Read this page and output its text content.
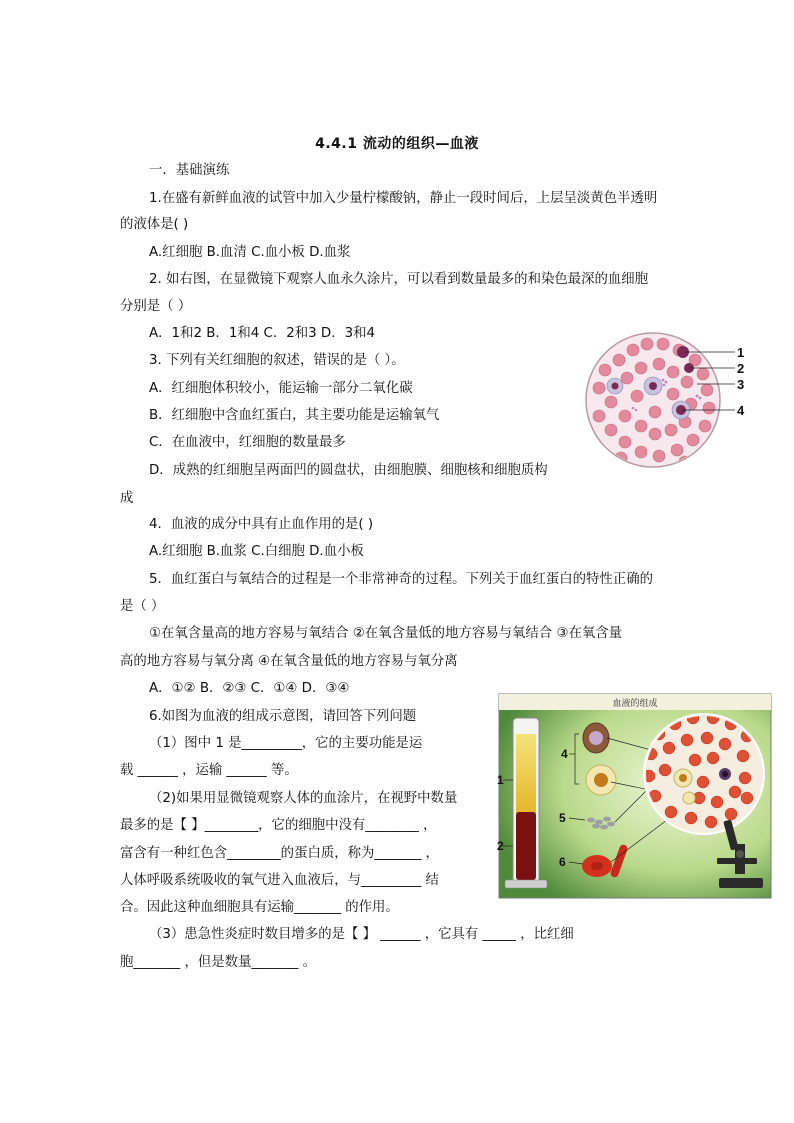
4.4.1 流动的组织—血液
一．基础演练
1.在盛有新鲜血液的试管中加入少量柠檬酸钠，静止一段时间后，上层呈淡黄色半透明
的液体是( )
A.红细胞 B.血清 C.血小板 D.血浆
2. 如右图，在显微镜下观察人血永久涂片，可以看到数量最多的和染色最深的血细胞
分别是（ ）
A．1和2 B．1和4 C．2和3 D．3和4
3. 下列有关红细胞的叙述，错误的是（ ）。
A．红细胞体积较小，能运输一部分二氧化碳
B．红细胞中含血红蛋白，其主要功能是运输氧气
C．在血液中，红细胞的数量最多
D．成熟的红细胞呈两面凹的圆盘状，由细胞膜、细胞核和细胞质构
成
4．血液的成分中具有止血作用的是( )
A.红细胞 B.血浆 C.白细胞 D.血小板
5．血红蛋白与氧结合的过程是一个非常神奇的过程。下列关于血红蛋白的特性正确的
是（ ）
①在氧含量高的地方容易与氧结合 ②在氧含量低的地方容易与氧结合 ③在氧含量
高的地方容易与氧分离 ④在氧含量低的地方容易与氧分离
A．①② B．②③ C．①④ D．③④
6.如图为血液的组成示意图，请回答下列问题
（1）图中 1 是_________，它的主要功能是运
载 ______ ，运输 ______ 等。
（2)如果用显微镜观察人体的血涂片，在视野中数量
最多的是【 】________，它的细胞中没有________ ，
富含有一种红色含________的蛋白质，称为_______ ，
人体呼吸系统吸收的氧气进入血液后，与_________ 结
合。因此这种血细胞具有运输_______ 的作用。
（3）患急性炎症时数目增多的是【 】 ______ ，它具有 _____ ，比红细
胞_______ ，但是数量_______ 。
1
2
3
4
血液的组成
1
2
4
5
6
